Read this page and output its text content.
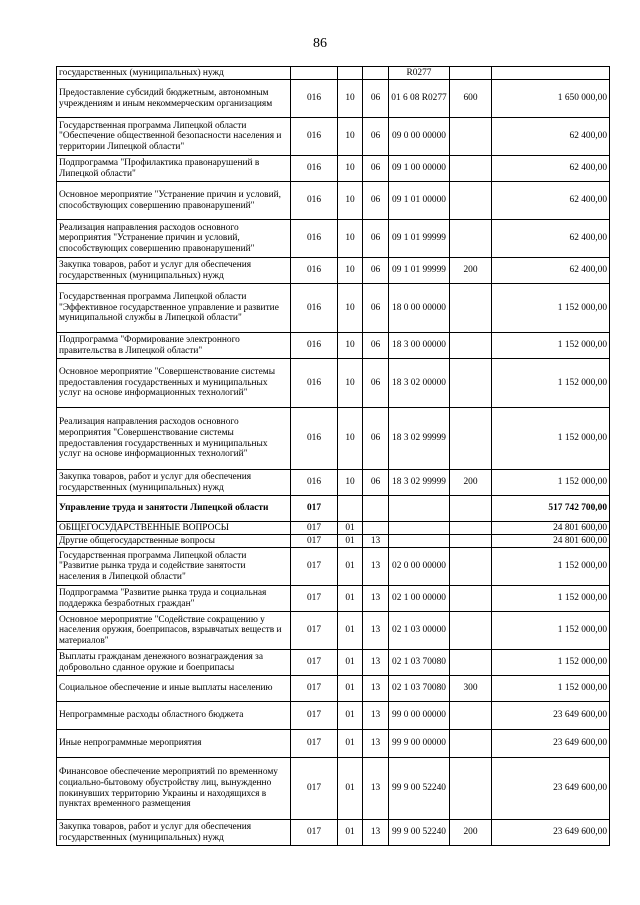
86
государственных (муниципальных) нужд				R0277		
Предоставление субсидий бюджетным, автономным учреждениям и иным некоммерческим организациям	016	10	06	01 6 08 R0277	600	1 650 000,00
Государственная программа Липецкой области "Обеспечение общественной безопасности населения и территории Липецкой области"	016	10	06	09 0 00 00000		62 400,00
Подпрограмма "Профилактика правонарушений в Липецкой области"	016	10	06	09 1 00 00000		62 400,00
Основное мероприятие "Устранение причин и условий, способствующих совершению правонарушений"	016	10	06	09 1 01 00000		62 400,00
Реализация направления расходов основного мероприятия "Устранение причин и условий, способствующих совершению правонарушений"	016	10	06	09 1 01 99999		62 400,00
Закупка товаров, работ и услуг для обеспечения государственных (муниципальных) нужд	016	10	06	09 1 01 99999	200	62 400,00
Государственная программа Липецкой области "Эффективное государственное управление и развитие муниципальной службы в Липецкой области"	016	10	06	18 0 00 00000		1 152 000,00
Подпрограмма "Формирование электронного правительства в Липецкой области"	016	10	06	18 3 00 00000		1 152 000,00
Основное мероприятие "Совершенствование системы предоставления государственных и муниципальных услуг на основе информационных технологий"	016	10	06	18 3 02 00000		1 152 000,00
Реализация направления расходов основного мероприятия "Совершенствование системы предоставления государственных и муниципальных услуг на основе информационных технологий"	016	10	06	18 3 02 99999		1 152 000,00
Закупка товаров, работ и услуг для обеспечения государственных (муниципальных) нужд	016	10	06	18 3 02 99999	200	1 152 000,00
Управление труда и занятости Липецкой области	017					517 742 700,00
ОБЩЕГОСУДАРСТВЕННЫЕ ВОПРОСЫ	017	01				24 801 600,00
Другие общегосударственные вопросы	017	01	13			24 801 600,00
Государственная программа Липецкой области "Развитие рынка труда и содействие занятости населения в Липецкой области"	017	01	13	02 0 00 00000		1 152 000,00
Подпрограмма "Развитие рынка труда и социальная поддержка безработных граждан"	017	01	13	02 1 00 00000		1 152 000,00
Основное мероприятие "Содействие сокращению у населения оружия, боеприпасов, взрывчатых веществ и материалов"	017	01	13	02 1 03 00000		1 152 000,00
Выплаты гражданам денежного вознаграждения за добровольно сданное оружие и боеприпасы	017	01	13	02 1 03 70080		1 152 000,00
Социальное обеспечение и иные выплаты населению	017	01	13	02 1 03 70080	300	1 152 000,00
Непрограммные расходы областного бюджета	017	01	13	99 0 00 00000		23 649 600,00
Иные непрограммные мероприятия	017	01	13	99 9 00 00000		23 649 600,00
Финансовое обеспечение мероприятий по временному социально-бытовому обустройству лиц, вынужденно покинувших территорию Украины и находящихся в пунктах временного размещения	017	01	13	99 9 00 52240		23 649 600,00
Закупка товаров, работ и услуг для обеспечения государственных (муниципальных) нужд	017	01	13	99 9 00 52240	200	23 649 600,00
